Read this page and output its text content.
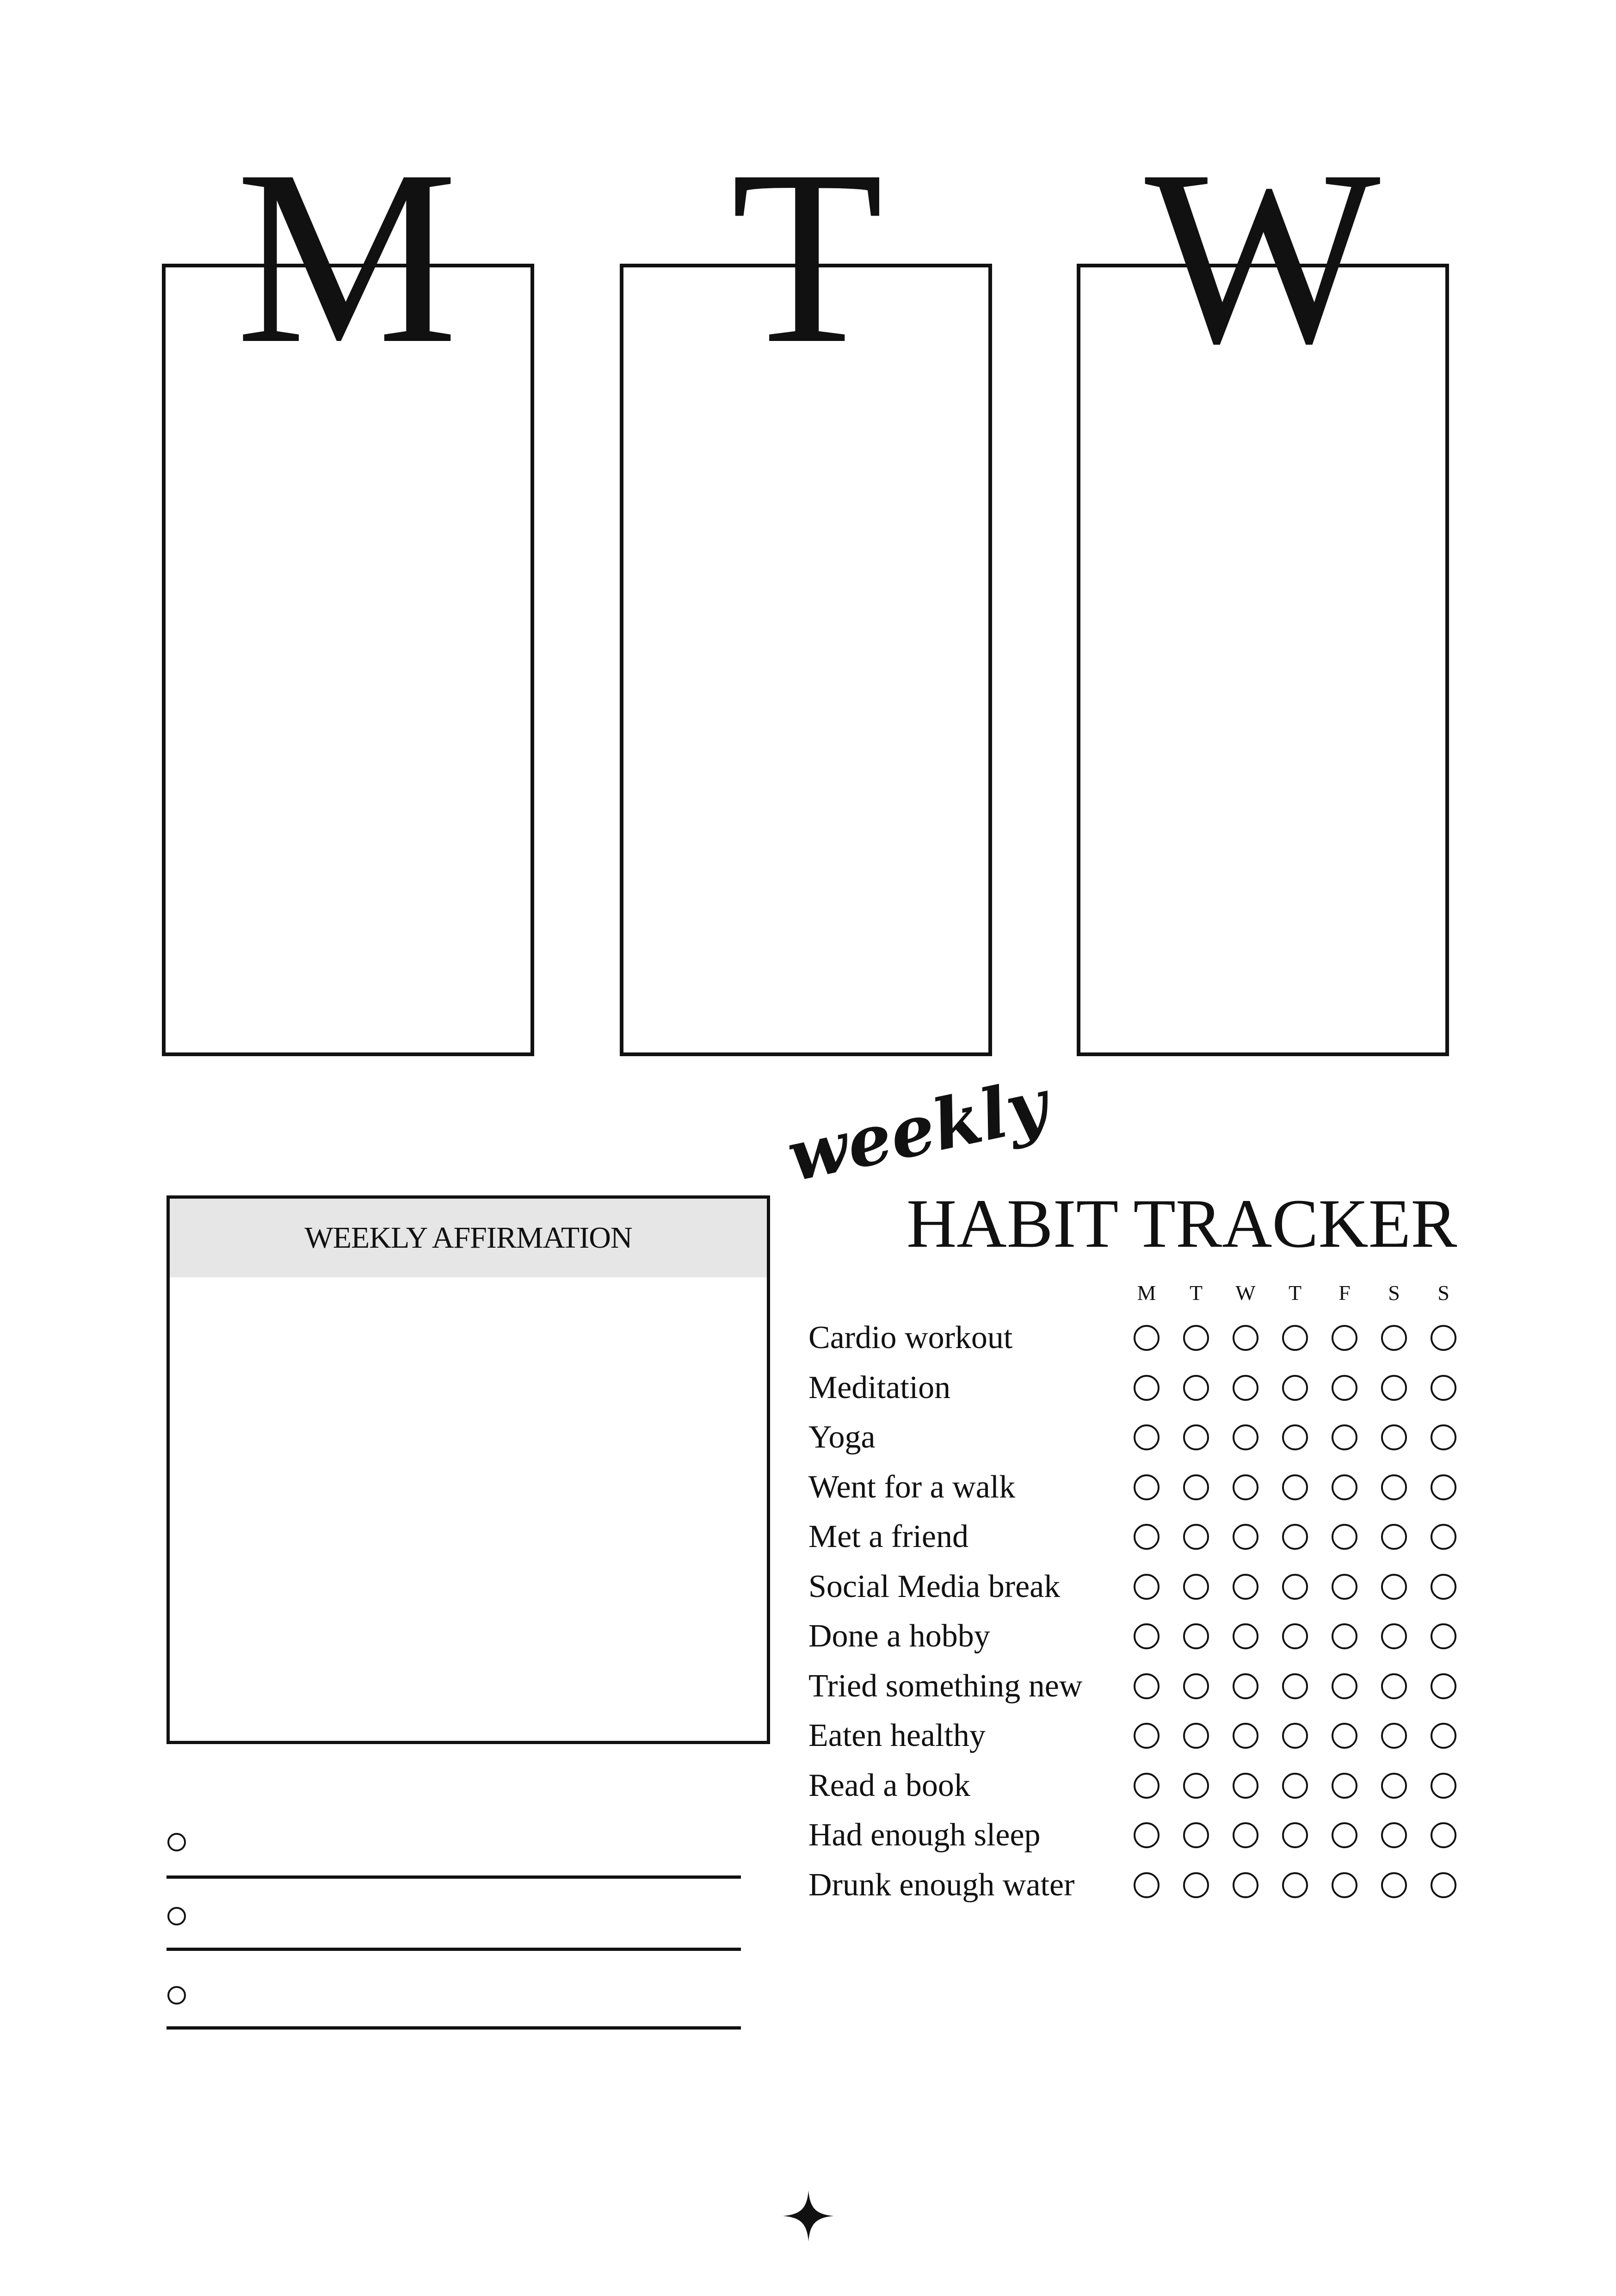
M	T	W
WEEKLY AFFIRMATION
weekly
HABIT TRACKER
M	T	W	T	F	S	S
Cardio workout
Meditation
Yoga
Went for a walk
Met a friend
Social Media break
Done a hobby
Tried something new
Eaten healthy
Read a book
Had enough sleep
Drunk enough water
